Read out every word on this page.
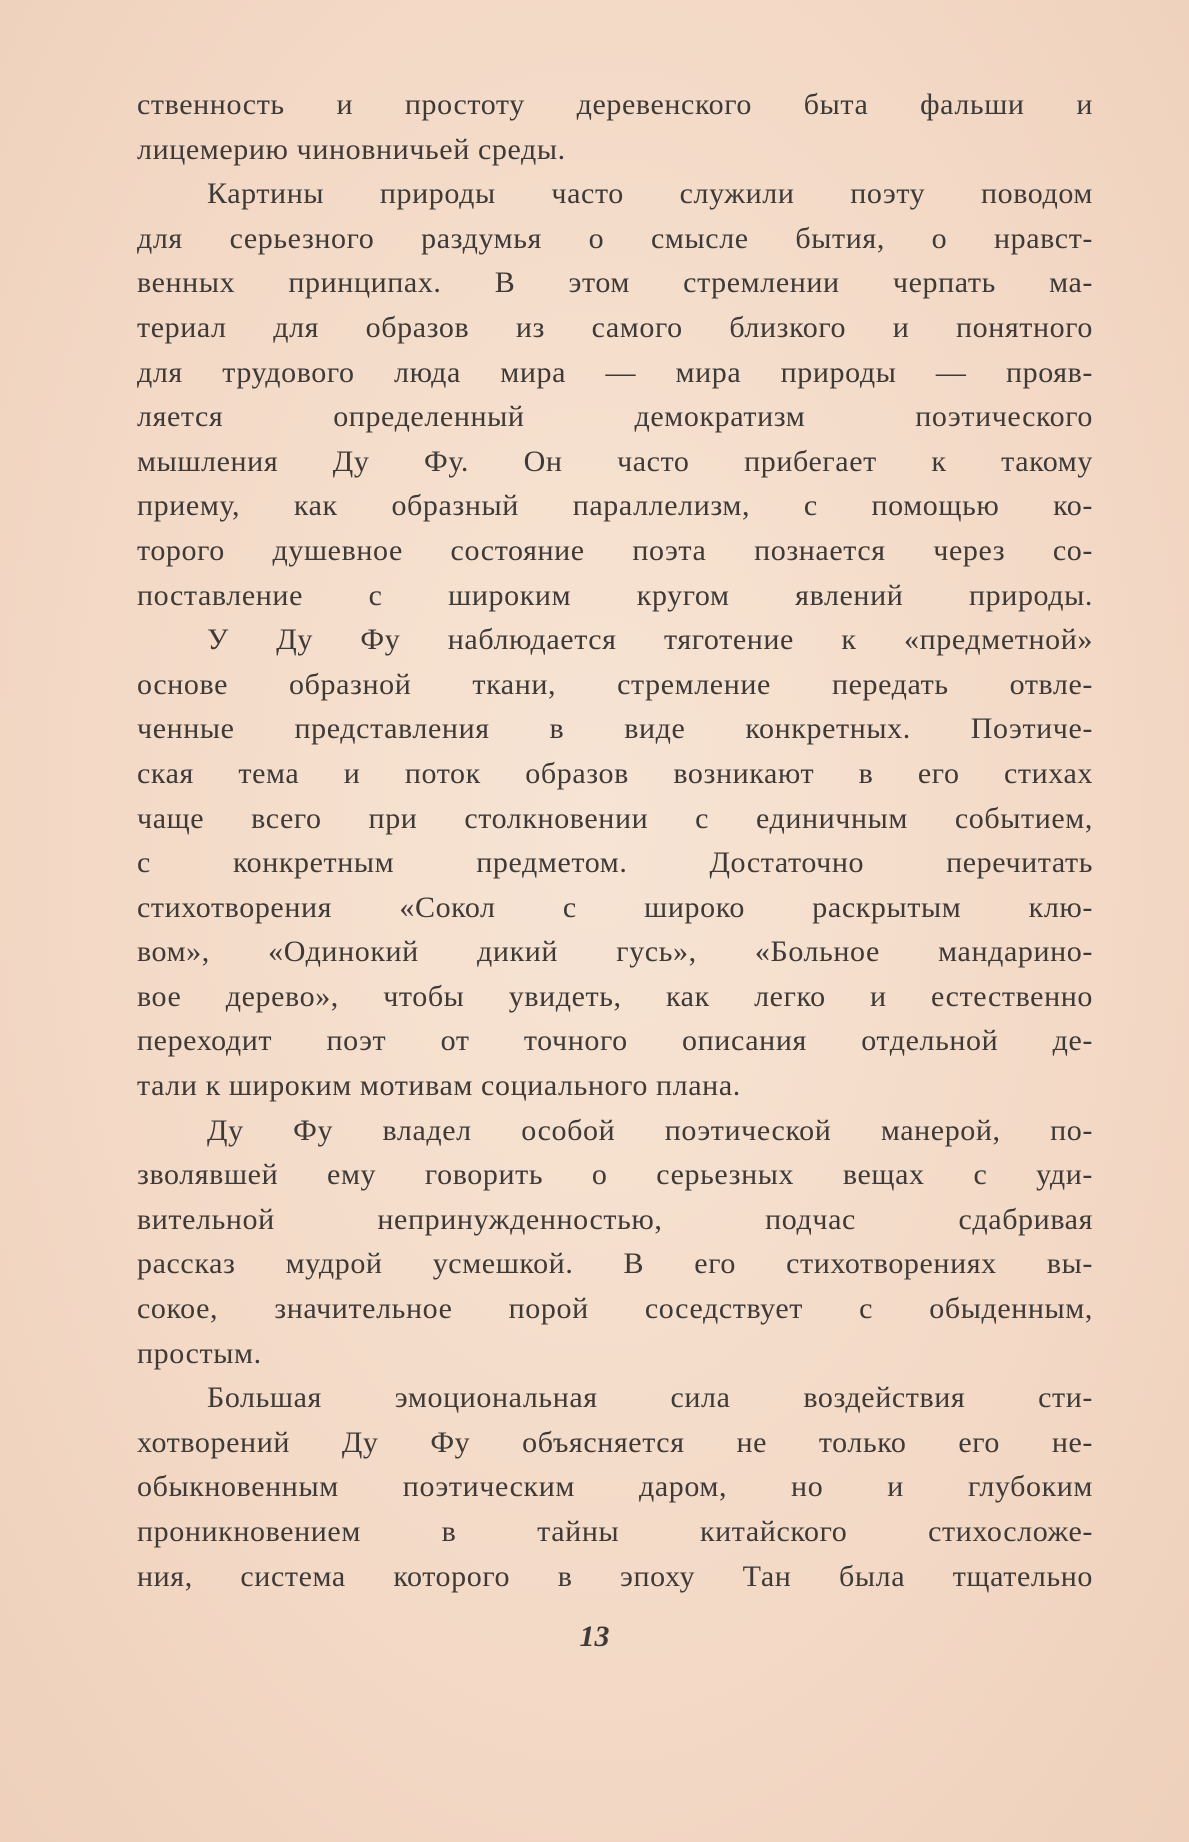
ственность и простоту деревенского быта фальши и
лицемерию чиновничьей среды.
Картины природы часто служили поэту поводом
для серьезного раздумья о смысле бытия, о нравст-
венных принципах. В этом стремлении черпать ма-
териал для образов из самого близкого и понятного
для трудового люда мира — мира природы — прояв-
ляется определенный демократизм поэтического
мышления Ду Фу. Он часто прибегает к такому
приему, как образный параллелизм, с помощью ко-
торого душевное состояние поэта познается через со-
поставление с широким кругом явлений природы.
У Ду Фу наблюдается тяготение к «предметной»
основе образной ткани, стремление передать отвле-
ченные представления в виде конкретных. Поэтиче-
ская тема и поток образов возникают в его стихах
чаще всего при столкновении с единичным событием,
с конкретным предметом. Достаточно перечитать
стихотворения «Сокол с широко раскрытым клю-
вом», «Одинокий дикий гусь», «Больное мандарино-
вое дерево», чтобы увидеть, как легко и естественно
переходит поэт от точного описания отдельной де-
тали к широким мотивам социального плана.
Ду Фу владел особой поэтической манерой, по-
зволявшей ему говорить о серьезных вещах с уди-
вительной непринужденностью, подчас сдабривая
рассказ мудрой усмешкой. В его стихотворениях вы-
сокое, значительное порой соседствует с обыденным,
простым.
Большая эмоциональная сила воздействия сти-
хотворений Ду Фу объясняется не только его не-
обыкновенным поэтическим даром, но и глубоким
проникновением в тайны китайского стихосложе-
ния, система которого в эпоху Тан была тщательно
13
